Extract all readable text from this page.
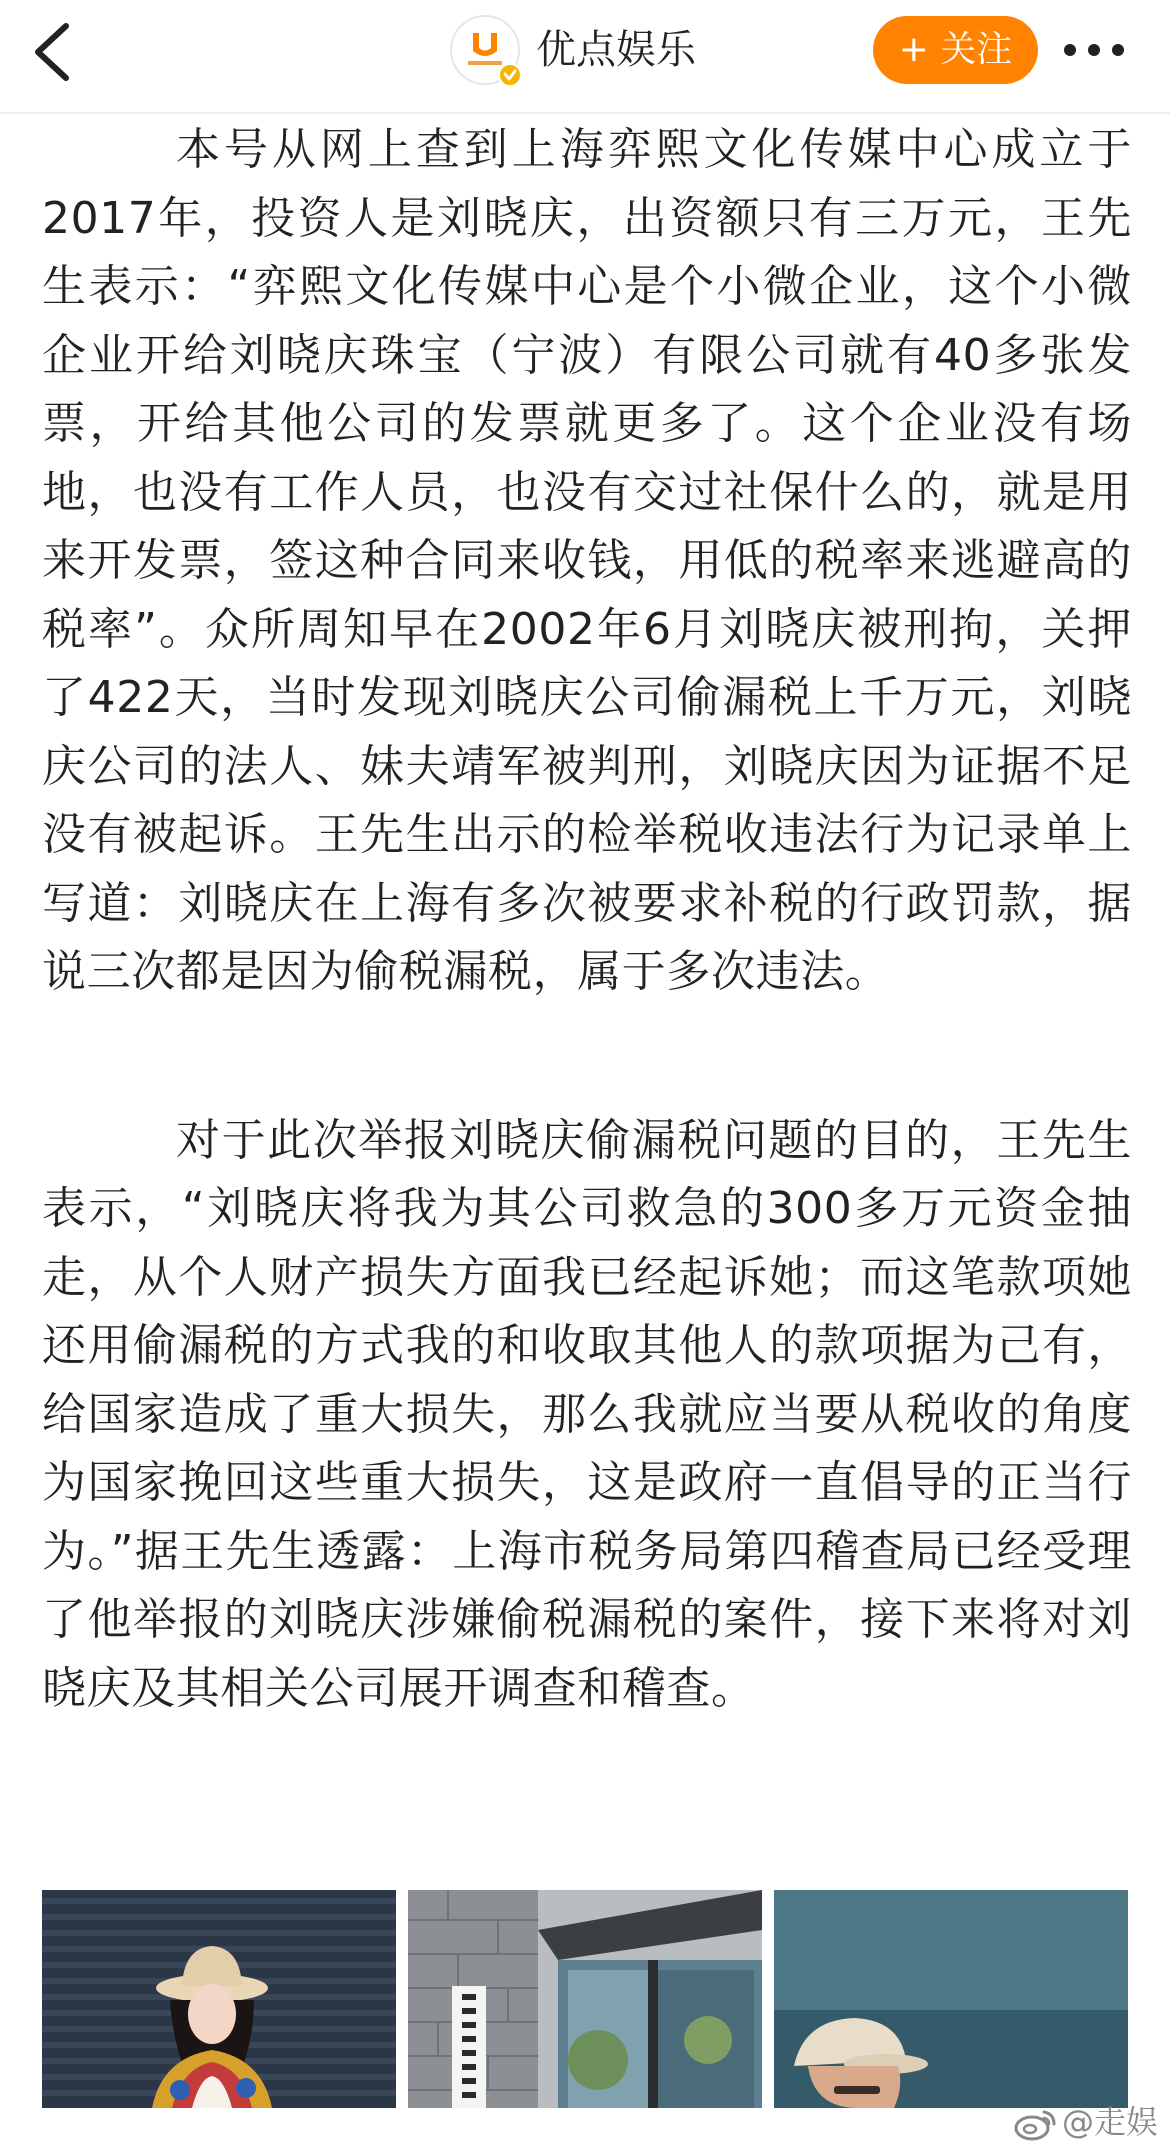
优点娱乐	+ 关注

本号从网上查到上海弈熙文化传媒中心成立于2017年，投资人是刘晓庆，出资额只有三万元，王先生表示：“弈熙文化传媒中心是个小微企业，这个小微企业开给刘晓庆珠宝（宁波）有限公司就有40多张发票，开给其他公司的发票就更多了。这个企业没有场地，也没有工作人员，也没有交过社保什么的，就是用来开发票，签这种合同来收钱，用低的税率来逃避高的税率”。众所周知早在2002年6月刘晓庆被刑拘，关押了422天，当时发现刘晓庆公司偷漏税上千万元，刘晓庆公司的法人、妹夫靖军被判刑，刘晓庆因为证据不足没有被起诉。王先生出示的检举税收违法行为记录单上写道：刘晓庆在上海有多次被要求补税的行政罚款，据说三次都是因为偷税漏税，属于多次违法。

对于此次举报刘晓庆偷漏税问题的目的，王先生表示，“刘晓庆将我为其公司救急的300多万元资金抽走，从个人财产损失方面我已经起诉她；而这笔款项她还用偷漏税的方式我的和收取其他人的款项据为己有，给国家造成了重大损失，那么我就应当要从税收的角度为国家挽回这些重大损失，这是政府一直倡导的正当行为。”据王先生透露：上海市税务局第四稽查局已经受理了他举报的刘晓庆涉嫌偷税漏税的案件，接下来将对刘晓庆及其相关公司展开调查和稽查。

@走娱
